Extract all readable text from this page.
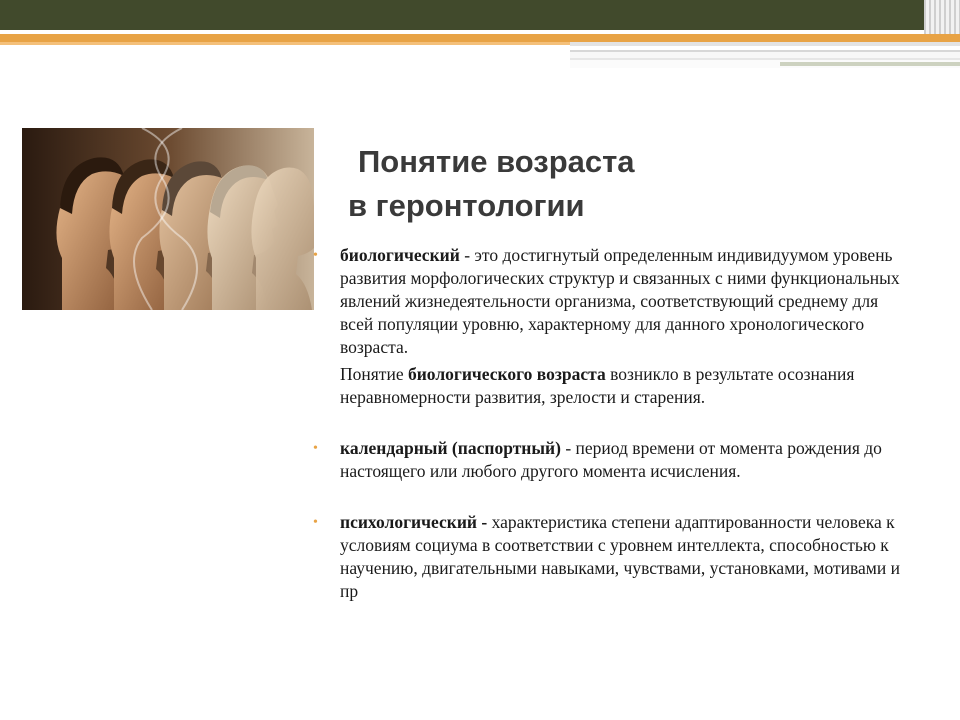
Понятие возраста
в геронтологии
• биологический - это достигнутый определенным индивидуумом уровень развития морфологических структур и связанных с ними функциональных явлений жизнедеятельности организма, соответствующий среднему для всей популяции уровню, характерному для данного хронологического возраста.
Понятие биологического возраста возникло в результате осознания неравномерности развития, зрелости и старения.
• календарный (паспортный) - период времени от момента рождения до настоящего или любого другого момента исчисления.
• психологический - характеристика степени адаптированности человека к условиям социума в соответствии с уровнем интеллекта, способностью к научению, двигательными навыками, чувствами, установками, мотивами и пр
